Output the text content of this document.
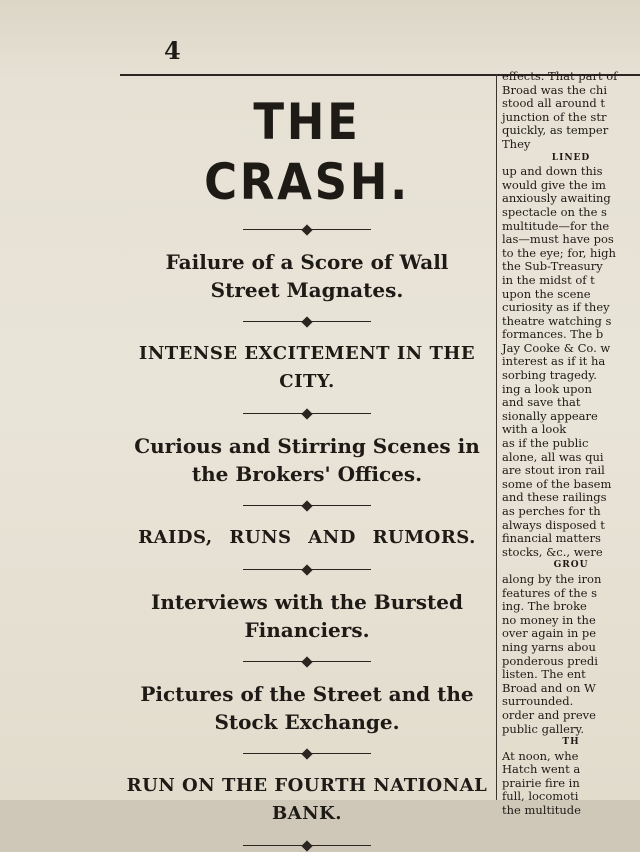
4
THE CRASH.

Failure of a Score of Wall

Street Magnates.

INTENSE EXCITEMENT IN THE CITY.

Curious and Stirring Scenes in

the Brokers' Offices.

RAIDS, RUNS AND RUMORS.

Interviews with the Bursted

Financiers.

Pictures of the Street and the

Stock Exchange.

RUN ON THE FOURTH NATIONAL BANK.

effects. That part of
Broad was the chi
stood all around t
junction of the str
quickly, as temper
They
LINED
up and down this
would give the im
anxiously awaiting
spectacle on the s
multitude—for the
las—must have pos
to the eye; for, high
the Sub-Treasury
in the midst of t
upon the scene
curiosity as if they
theatre watching s
formances. The b
Jay Cooke & Co. w
interest as if it ha
sorbing tragedy.
ing a look upon
and save that
sionally appeare
with a look
as if the public
alone, all was qui
are stout iron rail
some of the basem
and these railings
as perches for th
always disposed t
financial matters
stocks, &c., were
GROU
along by the iron
features of the s
ing. The broke
no money in the
over again in pe
ning yarns abou
ponderous predi
listen. The ent
Broad and on W
surrounded.
order and preve
public gallery.
TH
At noon, whe
Hatch went a
prairie fire in
full, locomoti
the multitude
